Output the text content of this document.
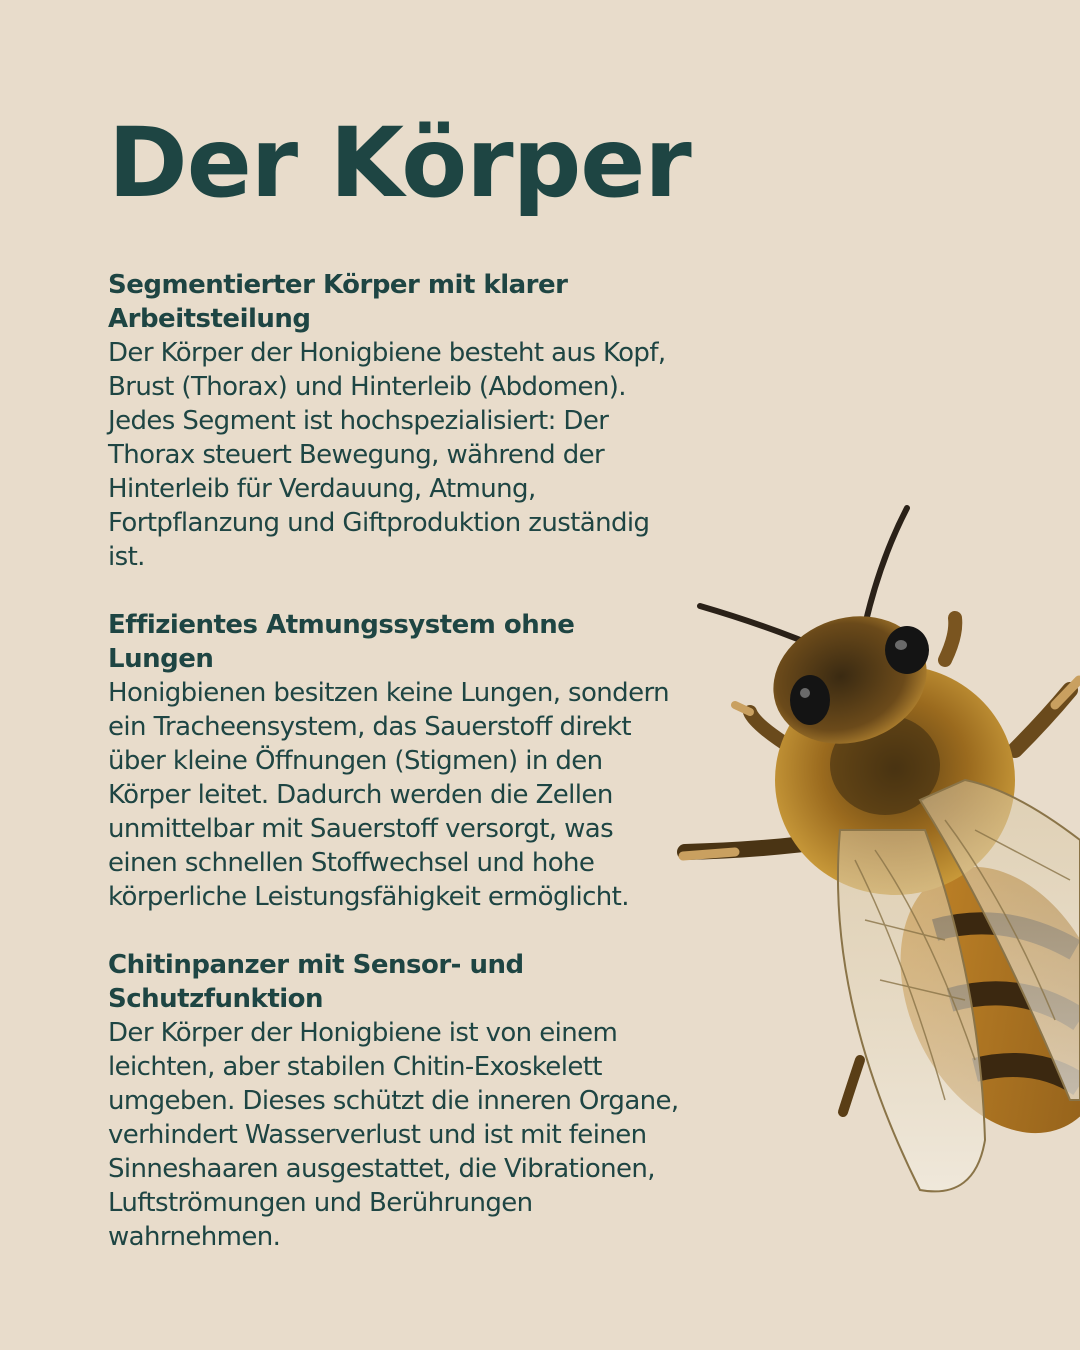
Der Körper
Segmentierter Körper mit klarer Arbeitsteilung

Der Körper der Honigbiene besteht aus Kopf, Brust (Thorax) und Hinterleib (Abdomen). Jedes Segment ist hochspezialisiert: Der Thorax steuert Bewegung, während der Hinterleib für Verdauung, Atmung, Fortpflanzung und Giftproduktion zuständig ist.

Effizientes Atmungssystem ohne Lungen

Honigbienen besitzen keine Lungen, sondern ein Tracheensystem, das Sauerstoff direkt über kleine Öffnungen (Stigmen) in den Körper leitet. Dadurch werden die Zellen unmittelbar mit Sauerstoff versorgt, was einen schnellen Stoffwechsel und hohe körperliche Leistungsfähigkeit ermöglicht.

Chitinpanzer mit Sensor- und Schutzfunktion

Der Körper der Honigbiene ist von einem leichten, aber stabilen Chitin-Exoskelett umgeben. Dieses schützt die inneren Organe, verhindert Wasserverlust und ist mit feinen Sinneshaaren ausgestattet, die Vibrationen, Luftströmungen und Berührungen wahrnehmen.
